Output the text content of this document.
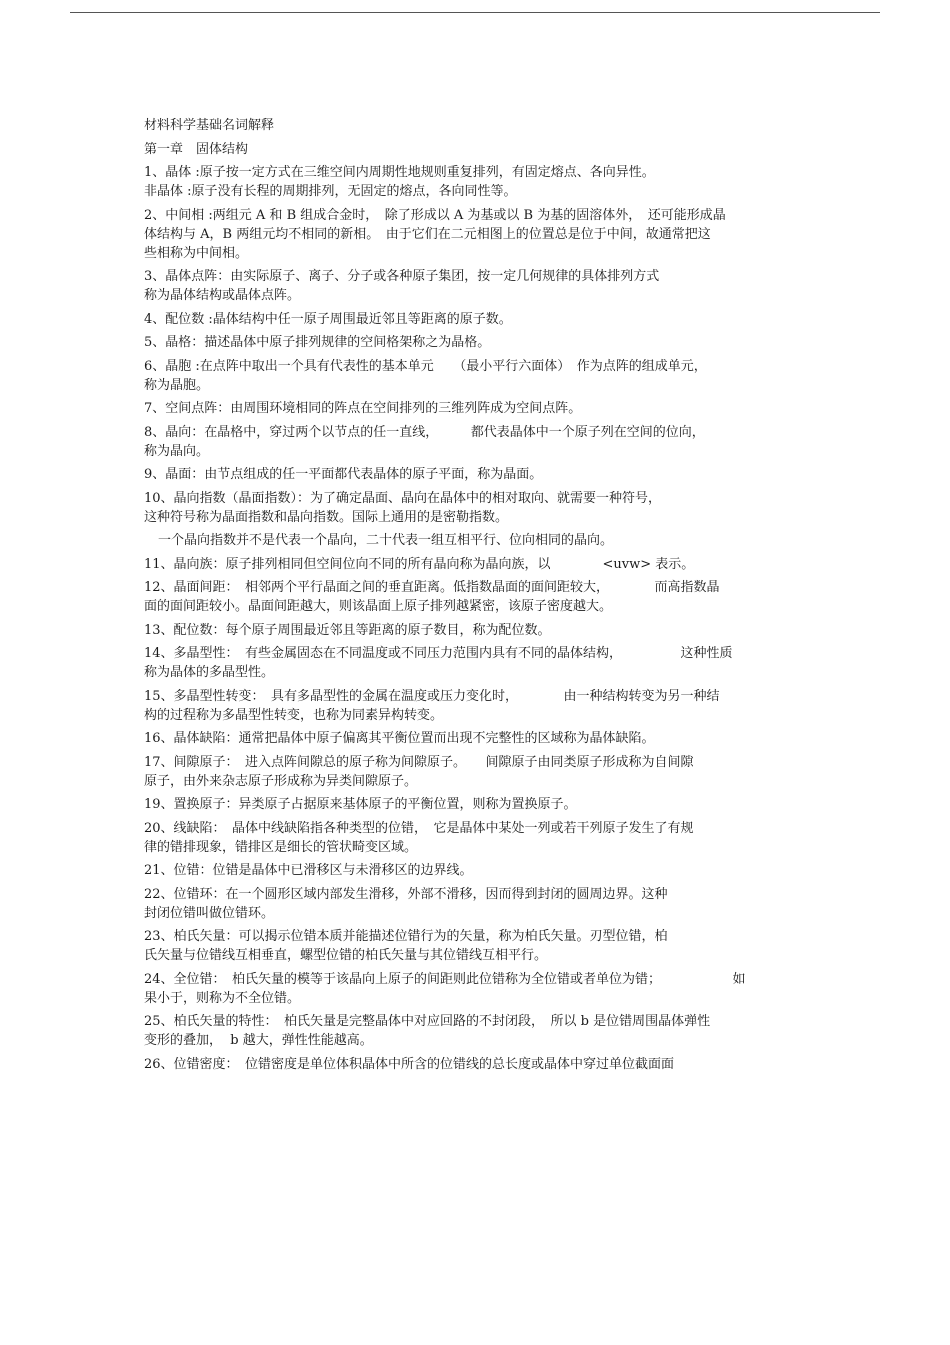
材料科学基础名词解释
第一章　固体结构
1、晶体 :原子按一定方式在三维空间内周期性地规则重复排列，有固定熔点、各向异性。
非晶体 :原子没有长程的周期排列，无固定的熔点，各向同性等。
2、中间相 :两组元 A 和 B 组成合金时，　除了形成以 A 为基或以 B 为基的固溶体外，　还可能形成晶
体结构与 A，B 两组元均不相同的新相。　由于它们在二元相图上的位置总是位于中间，故通常把这
些相称为中间相。
3、晶体点阵：由实际原子、离子、分子或各种原子集团，按一定几何规律的具体排列方式
称为晶体结构或晶体点阵。
4、配位数 :晶体结构中任一原子周围最近邻且等距离的原子数。
5、晶格：描述晶体中原子排列规律的空间格架称之为晶格。
6、晶胞 :在点阵中取出一个具有代表性的基本单元　　（最小平行六面体）　作为点阵的组成单元，
称为晶胞。
7、空间点阵：由周围环境相同的阵点在空间排列的三维列阵成为空间点阵。
8、晶向：在晶格中，穿过两个以节点的任一直线，　　　都代表晶体中一个原子列在空间的位向，
称为晶向。
9、晶面：由节点组成的任一平面都代表晶体的原子平面，称为晶面。
10、晶向指数（晶面指数）：为了确定晶面、晶向在晶体中的相对取向、就需要一种符号，
这种符号称为晶面指数和晶向指数。国际上通用的是密勒指数。
一个晶向指数并不是代表一个晶向，二十代表一组互相平行、位向相同的晶向。
11、晶向族：原子排列相同但空间位向不同的所有晶向称为晶向族，以　　　　<uvw> 表示。
12、晶面间距：　相邻两个平行晶面之间的垂直距离。低指数晶面的面间距较大，　　　　而高指数晶
面的面间距较小。晶面间距越大，则该晶面上原子排列越紧密，该原子密度越大。
13、配位数：每个原子周围最近邻且等距离的原子数目，称为配位数。
14、多晶型性：　有些金属固态在不同温度或不同压力范围内具有不同的晶体结构，　　　　　这种性质
称为晶体的多晶型性。
15、多晶型性转变：　具有多晶型性的金属在温度或压力变化时，　　　　由一种结构转变为另一种结
构的过程称为多晶型性转变，也称为同素异构转变。
16、晶体缺陷：通常把晶体中原子偏离其平衡位置而出现不完整性的区域称为晶体缺陷。
17、间隙原子：　进入点阵间隙总的原子称为间隙原子。　　间隙原子由同类原子形成称为自间隙
原子，由外来杂志原子形成称为异类间隙原子。
19、置换原子：异类原子占据原来基体原子的平衡位置，则称为置换原子。
20、线缺陷：　晶体中线缺陷指各种类型的位错，　它是晶体中某处一列或若干列原子发生了有规
律的错排现象，错排区是细长的管状畸变区域。
21、位错：位错是晶体中已滑移区与未滑移区的边界线。
22、位错环：在一个圆形区域内部发生滑移，外部不滑移，因而得到封闭的圆周边界。这种
封闭位错叫做位错环。
23、柏氏矢量：可以揭示位错本质并能描述位错行为的矢量，称为柏氏矢量。刃型位错，柏
氏矢量与位错线互相垂直，螺型位错的柏氏矢量与其位错线互相平行。
24、全位错：　柏氏矢量的模等于该晶向上原子的间距则此位错称为全位错或者单位为错；　　　　　　如
果小于，则称为不全位错。
25、柏氏矢量的特性：　柏氏矢量是完整晶体中对应回路的不封闭段，　所以 b 是位错周围晶体弹性
变形的叠加，  b 越大，弹性性能越高。
26、位错密度：　位错密度是单位体积晶体中所含的位错线的总长度或晶体中穿过单位截面面
